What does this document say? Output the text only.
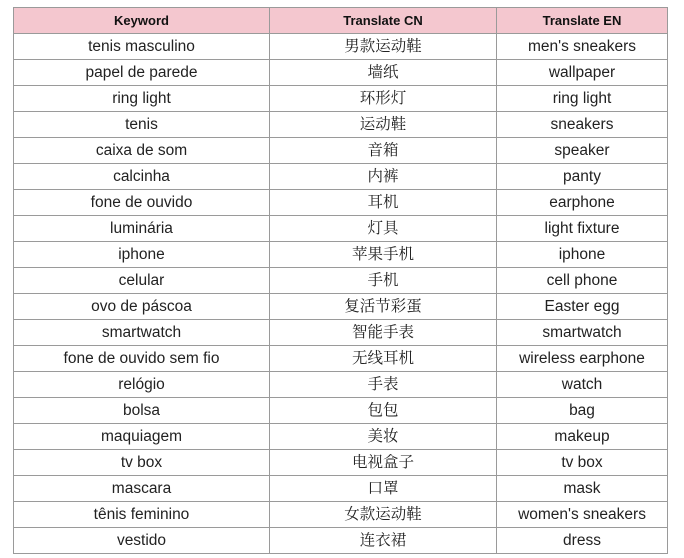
Keyword	Translate CN	Translate EN
tenis masculino	男款运动鞋	men's sneakers
papel de parede	墙纸	wallpaper
ring light	环形灯	ring light
tenis	运动鞋	sneakers
caixa de som	音箱	speaker
calcinha	内裤	panty
fone de ouvido	耳机	earphone
luminária	灯具	light fixture
iphone	苹果手机	iphone
celular	手机	cell phone
ovo de páscoa	复活节彩蛋	Easter egg
smartwatch	智能手表	smartwatch
fone de ouvido sem fio	无线耳机	wireless earphone
relógio	手表	watch
bolsa	包包	bag
maquiagem	美妆	makeup
tv box	电视盒子	tv box
mascara	口罩	mask
tênis feminino	女款运动鞋	women's sneakers
vestido	连衣裙	dress
